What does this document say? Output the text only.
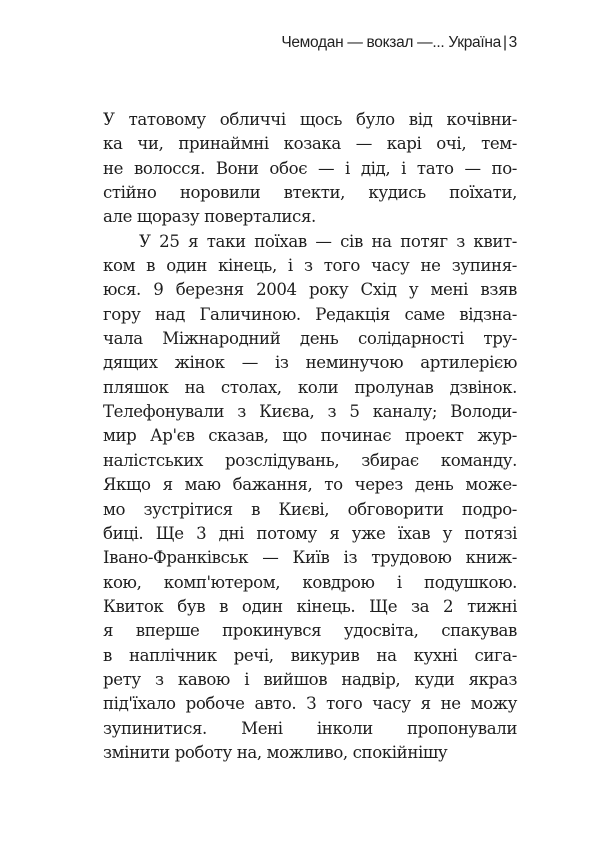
Чемодан — вокзал —... Україна | 3
У татовому обличчі щось було від кочівни-
ка чи, принаймні козака — карі очі, тем-
не волосся. Вони обоє — і дід, і тато — по-
стійно норовили втекти, кудись поїхати,
але щоразу поверталися.
У 25 я таки поїхав — сів на потяг з квит-
ком в один кінець, і з того часу не зупиня-
юся. 9 березня 2004 року Схід у мені взяв
гору над Галичиною. Редакція саме відзна-
чала Міжнародний день солідарності тру-
дящих жінок — із неминучою артилерією
пляшок на столах, коли пролунав дзвінок.
Телефонували з Києва, з 5 каналу; Володи-
мир Ар'єв сказав, що починає проект жур-
налістських розслідувань, збирає команду.
Якщо я маю бажання, то через день може-
мо зустрітися в Києві, обговорити подро-
биці. Ще 3 дні потому я уже їхав у потязі
Івано-Франківськ — Київ із трудовою книж-
кою, комп'ютером, ковдрою і подушкою.
Квиток був в один кінець. Ще за 2 тижні
я вперше прокинувся удосвіта, спакував
в наплічник речі, викурив на кухні сига-
рету з кавою і вийшов надвір, куди якраз
під'їхало робоче авто. З того часу я не можу
зупинитися. Мені інколи пропонували
змінити роботу на, можливо, спокійнішу
